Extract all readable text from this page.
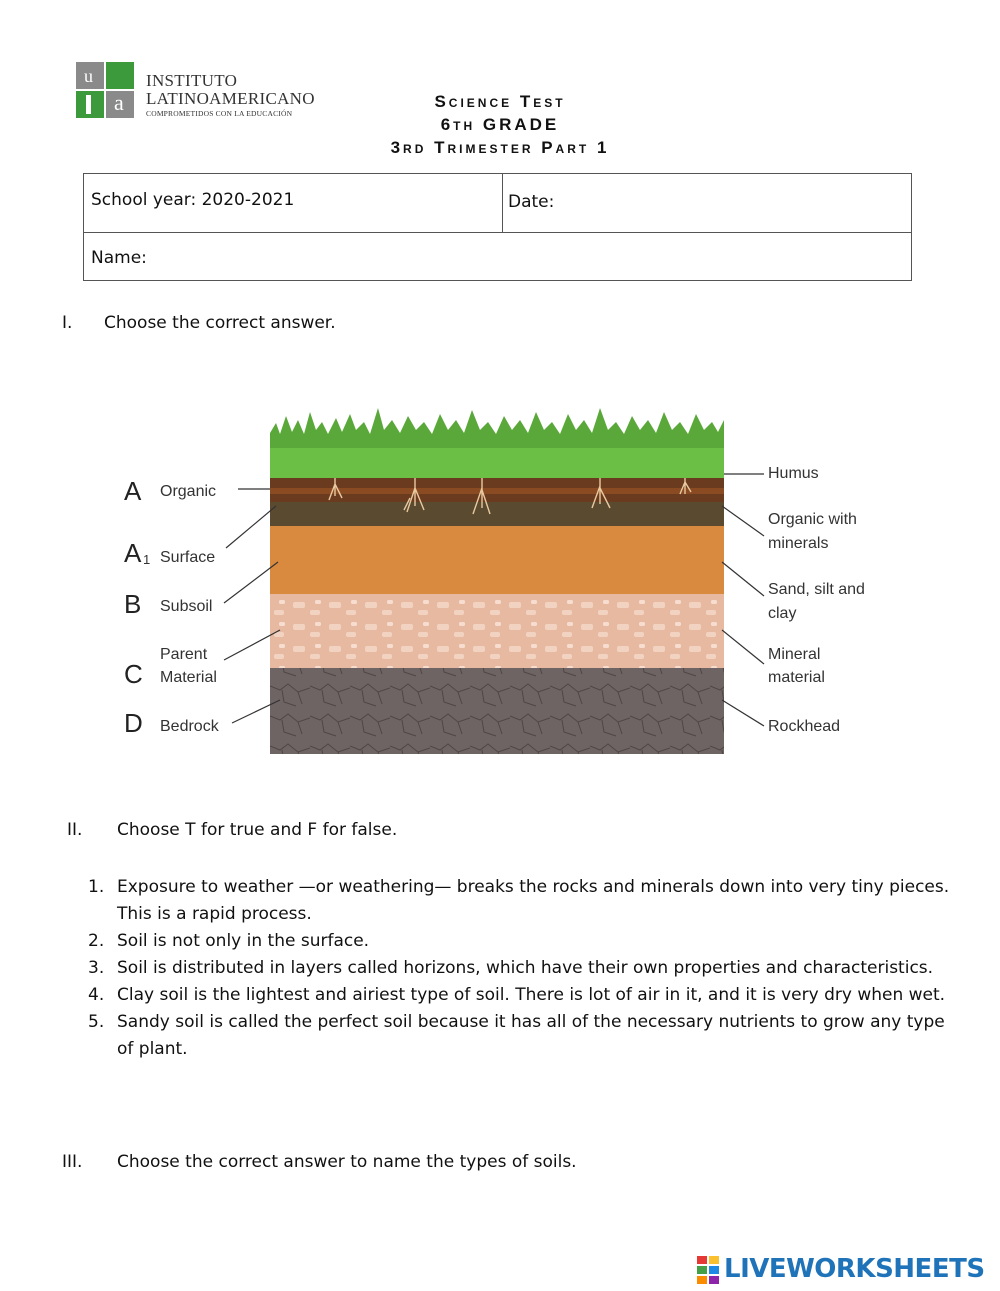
u
a
INSTITUTO
LATINOAMERICANO
COMPROMETIDOS CON LA EDUCACIÓN
Science Test
6th GRADE
3rd Trimester Part 1
School year: 2020-2021	Date:
Name:
I. Choose the correct answer.
A Organic
A 1 Surface
B Subsoil
C
Parent
Material
D Bedrock
Humus
Organic with
minerals
Sand, silt and
clay
Mineral
material
Rockhead
II. Choose T for true and F for false.
1. Exposure to weather —or weathering— breaks the rocks and minerals down into very tiny pieces. This is a rapid process.
2. Soil is not only in the surface.
3. Soil is distributed in layers called horizons, which have their own properties and characteristics.
4. Clay soil is the lightest and airiest type of soil. There is lot of air in it, and it is very dry when wet.
5. Sandy soil is called the perfect soil because it has all of the necessary nutrients to grow any type of plant.
III. Choose the correct answer to name the types of soils.
LIVEWORKSHEETS
